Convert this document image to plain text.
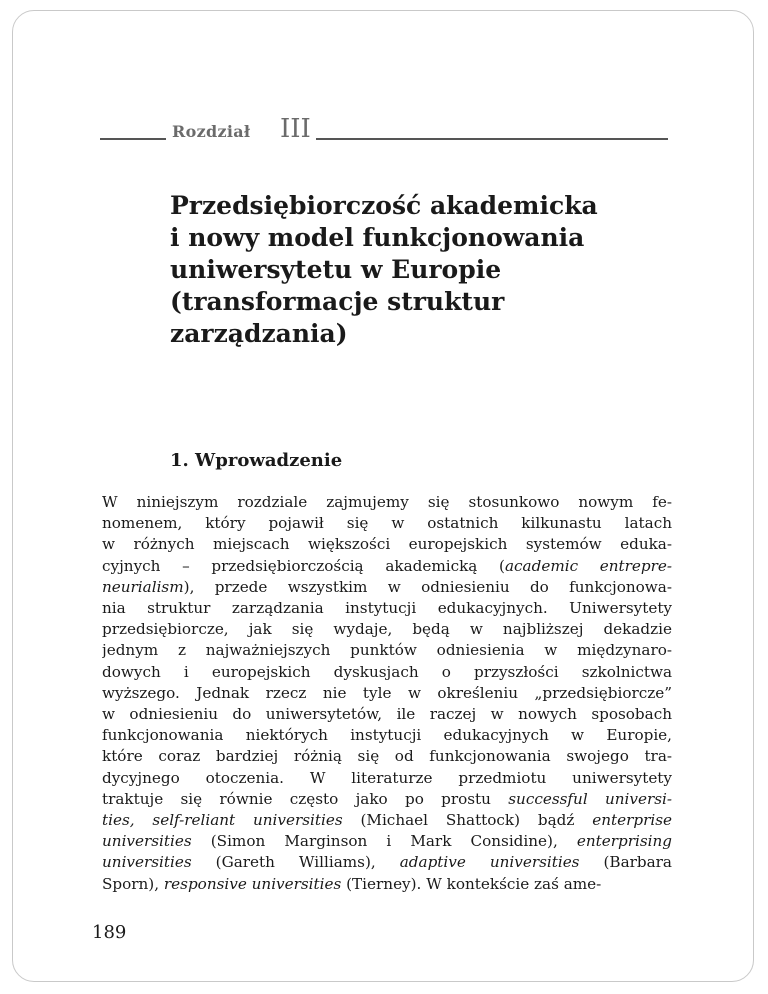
Rozdział III
Przedsiębiorczość akademicka
i nowy model funkcjonowania
uniwersytetu w Europie
(transformacje struktur
zarządzania)
1. Wprowadzenie
W niniejszym rozdziale zajmujemy się stosunkowo nowym fe-
nomenem, który pojawił się w ostatnich kilkunastu latach
w różnych miejscach większości europejskich systemów eduka-
cyjnych – przedsiębiorczością akademicką (academic entrepre-
neurialism), przede wszystkim w odniesieniu do funkcjonowa-
nia struktur zarządzania instytucji edukacyjnych. Uniwersytety
przedsiębiorcze, jak się wydaje, będą w najbliższej dekadzie
jednym z najważniejszych punktów odniesienia w międzynaro-
dowych i europejskich dyskusjach o przyszłości szkolnictwa
wyższego. Jednak rzecz nie tyle w określeniu „przedsiębiorcze”
w odniesieniu do uniwersytetów, ile raczej w nowych sposobach
funkcjonowania niektórych instytucji edukacyjnych w Europie,
które coraz bardziej różnią się od funkcjonowania swojego tra-
dycyjnego otoczenia. W literaturze przedmiotu uniwersytety
traktuje się równie często jako po prostu successful universi-
ties, self-reliant universities (Michael Shattock) bądź enterprise
universities (Simon Marginson i Mark Considine), enterprising
universities (Gareth Williams), adaptive universities (Barbara
Sporn), responsive universities (Tierney). W kontekście zaś ame-
189
